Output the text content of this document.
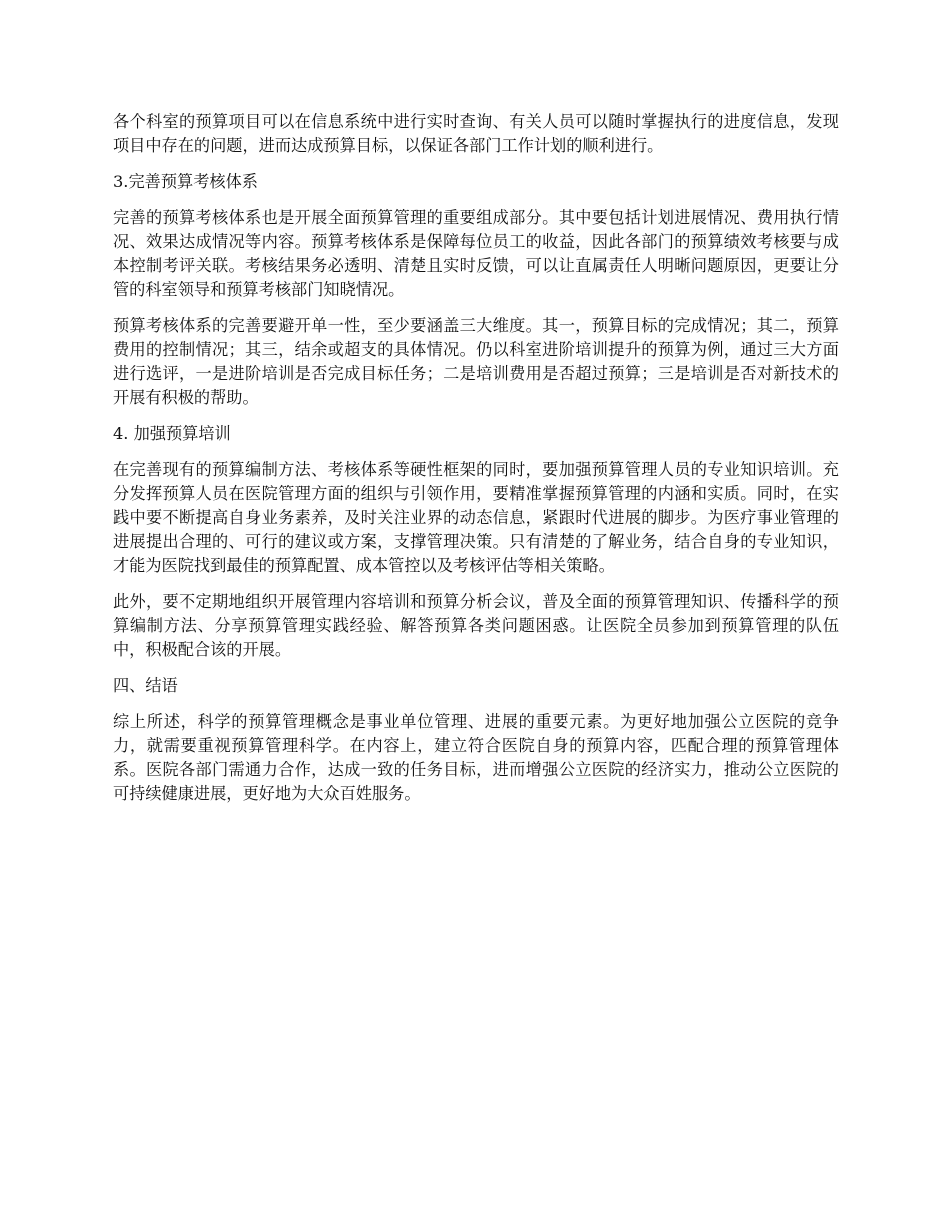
各个科室的预算项目可以在信息系统中进行实时查询、有关人员可以随时掌握执行的进度信息，发现项目中存在的问题，进而达成预算目标，以保证各部门工作计划的顺利进行。

3.完善预算考核体系

完善的预算考核体系也是开展全面预算管理的重要组成部分。其中要包括计划进展情况、费用执行情况、效果达成情况等内容。预算考核体系是保障每位员工的收益，因此各部门的预算绩效考核要与成本控制考评关联。考核结果务必透明、清楚且实时反馈，可以让直属责任人明晰问题原因，更要让分管的科室领导和预算考核部门知晓情况。

预算考核体系的完善要避开单一性，至少要涵盖三大维度。其一，预算目标的完成情况；其二，预算费用的控制情况；其三，结余或超支的具体情况。仍以科室进阶培训提升的预算为例，通过三大方面进行选评，一是进阶培训是否完成目标任务；二是培训费用是否超过预算；三是培训是否对新技术的开展有积极的帮助。

4. 加强预算培训

在完善现有的预算编制方法、考核体系等硬性框架的同时，要加强预算管理人员的专业知识培训。充分发挥预算人员在医院管理方面的组织与引领作用，要精准掌握预算管理的内涵和实质。同时，在实践中要不断提高自身业务素养，及时关注业界的动态信息，紧跟时代进展的脚步。为医疗事业管理的进展提出合理的、可行的建议或方案，支撑管理决策。只有清楚的了解业务，结合自身的专业知识，才能为医院找到最佳的预算配置、成本管控以及考核评估等相关策略。

此外，要不定期地组织开展管理内容培训和预算分析会议，普及全面的预算管理知识、传播科学的预算编制方法、分享预算管理实践经验、解答预算各类问题困惑。让医院全员参加到预算管理的队伍中，积极配合该的开展。

四、结语

综上所述，科学的预算管理概念是事业单位管理、进展的重要元素。为更好地加强公立医院的竞争力，就需要重视预算管理科学。在内容上，建立符合医院自身的预算内容，匹配合理的预算管理体系。医院各部门需通力合作，达成一致的任务目标，进而增强公立医院的经济实力，推动公立医院的可持续健康进展，更好地为大众百姓服务。
